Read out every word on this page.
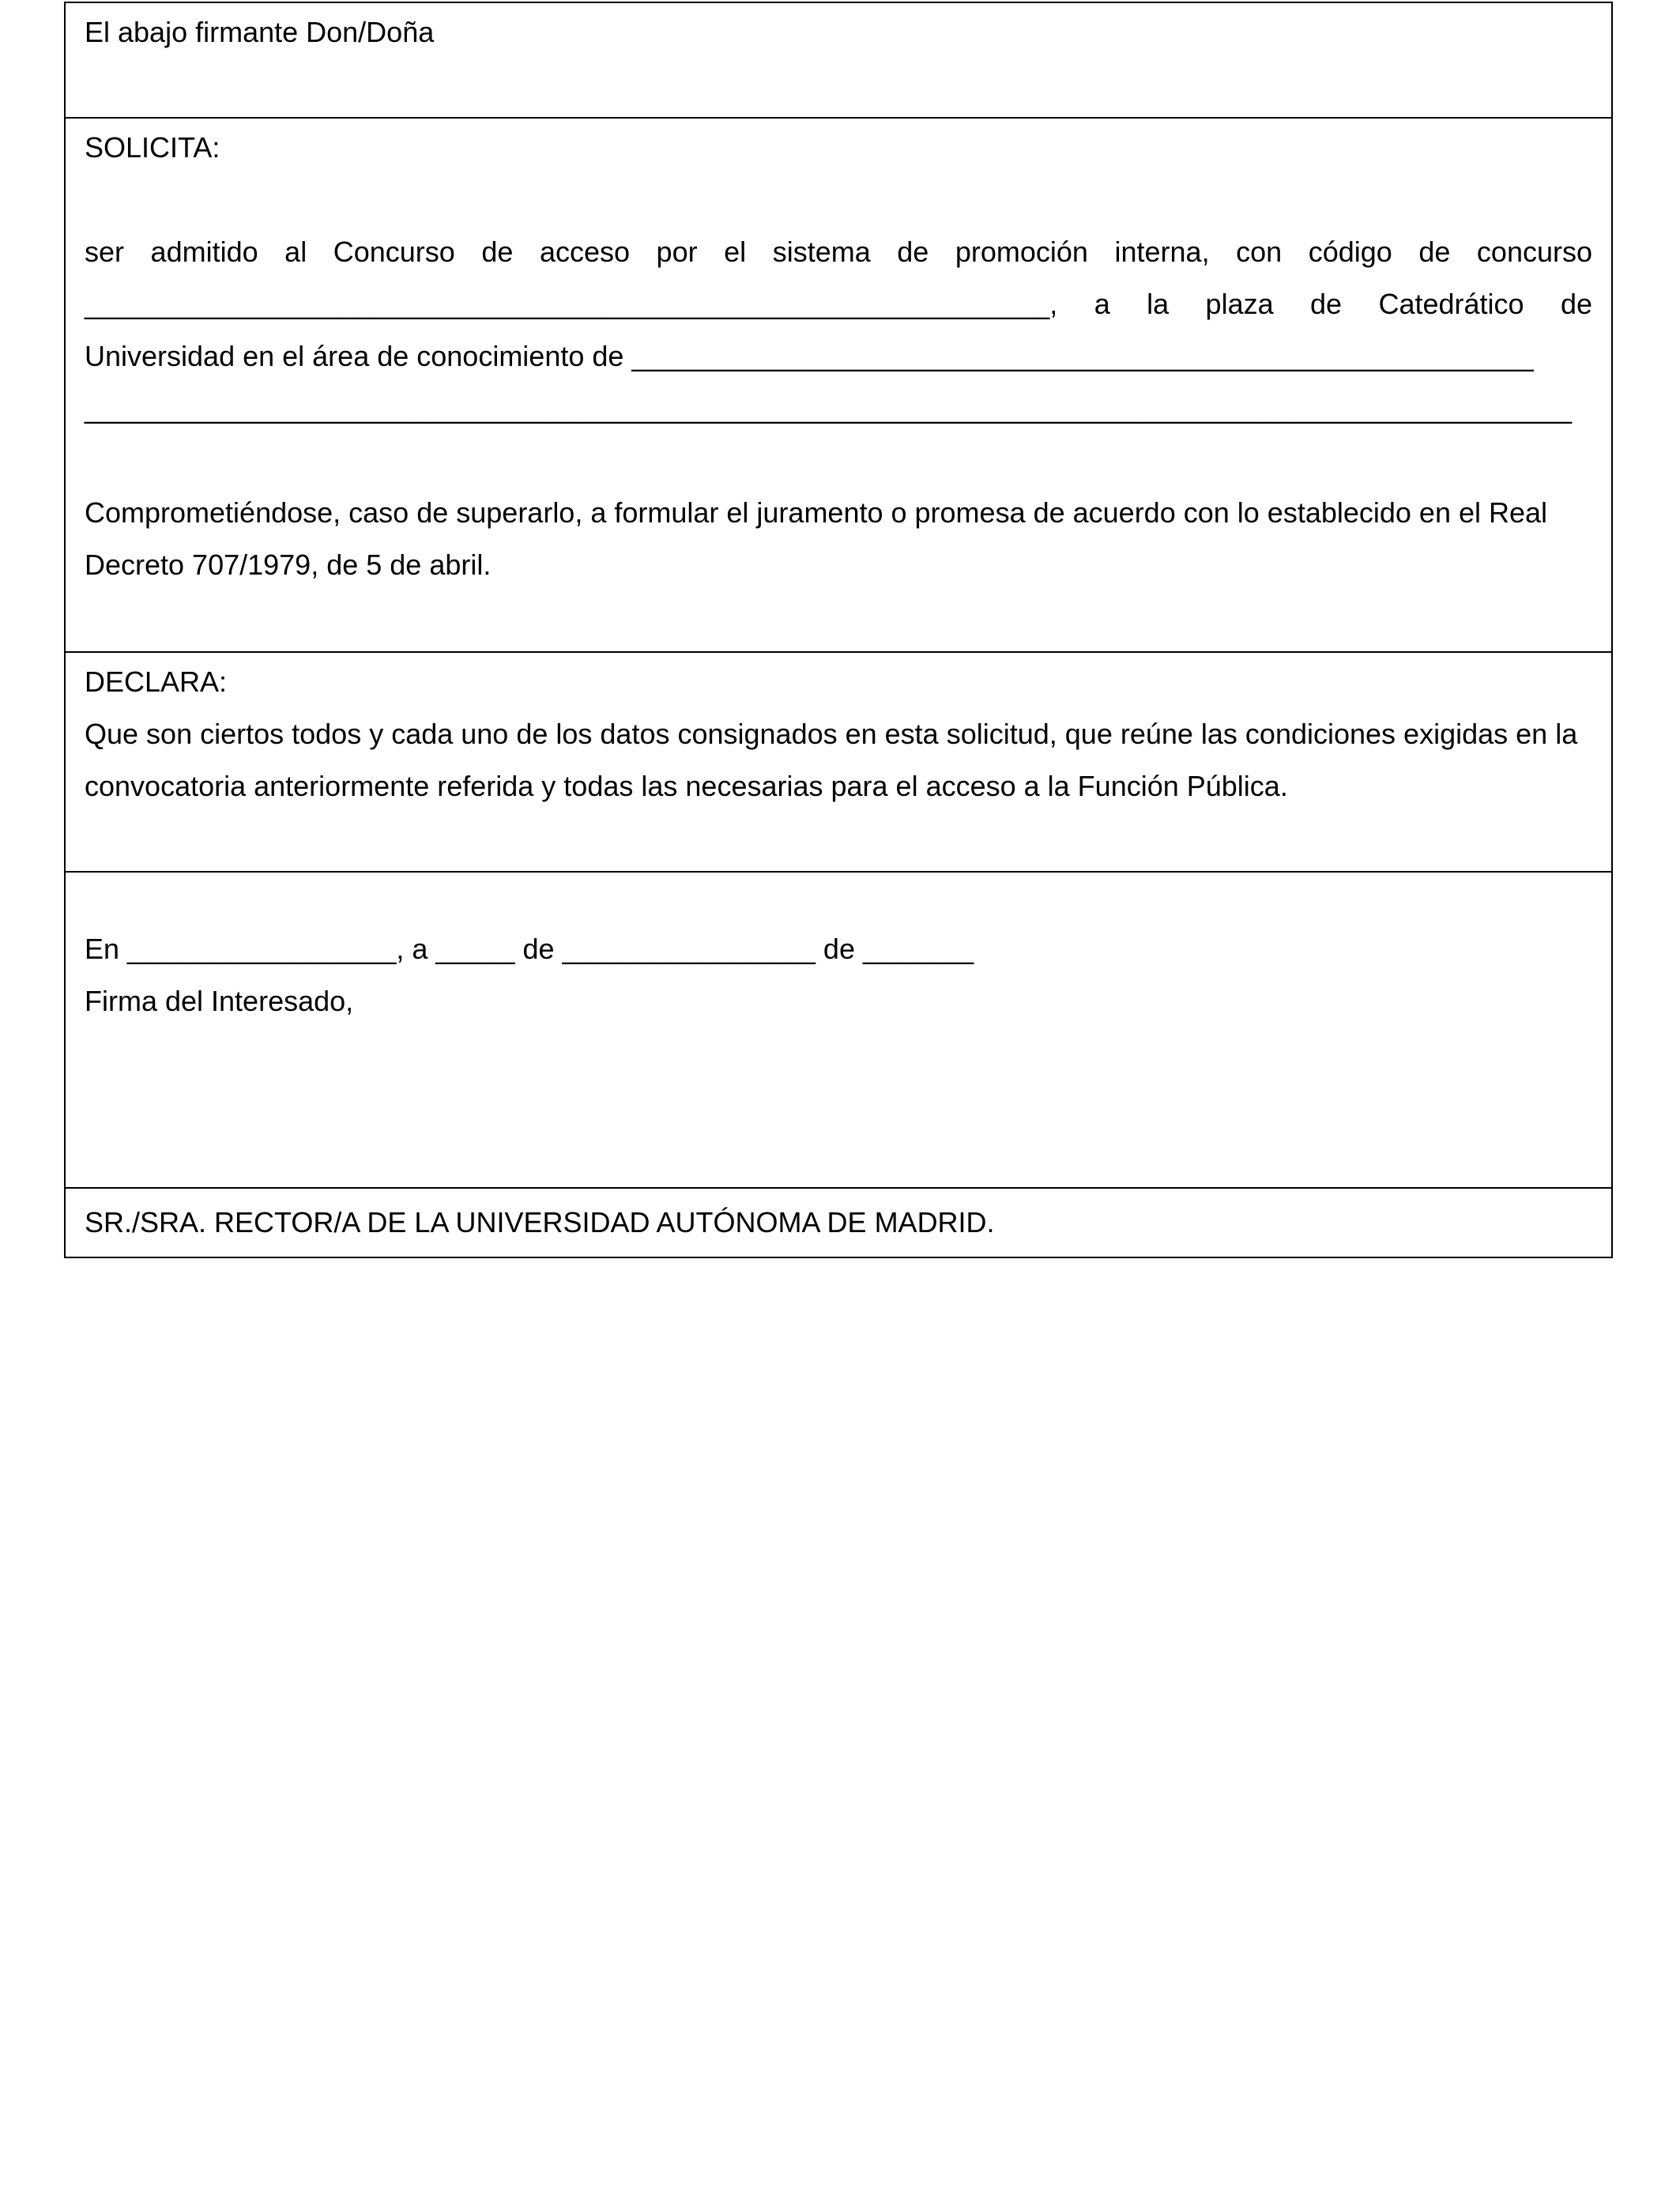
El abajo firmante Don/Doña
SOLICITA:
ser admitido al Concurso de acceso por el sistema de promoción interna, con código de concurso
_____________________________________________________________, a la plaza de Catedrático de
Universidad en el área de conocimiento de _________________________________________________________
______________________________________________________________________________________________
Comprometiéndose, caso de superarlo, a formular el juramento o promesa de acuerdo con lo establecido en el Real Decreto 707/1979, de 5 de abril.
DECLARA:
Que son ciertos todos y cada uno de los datos consignados en esta solicitud, que reúne las condiciones exigidas en la convocatoria anteriormente referida y todas las necesarias para el acceso a la Función Pública.
En _________________, a _____ de ________________ de _______
Firma del Interesado,
SR./SRA. RECTOR/A DE LA UNIVERSIDAD AUTÓNOMA DE MADRID.
